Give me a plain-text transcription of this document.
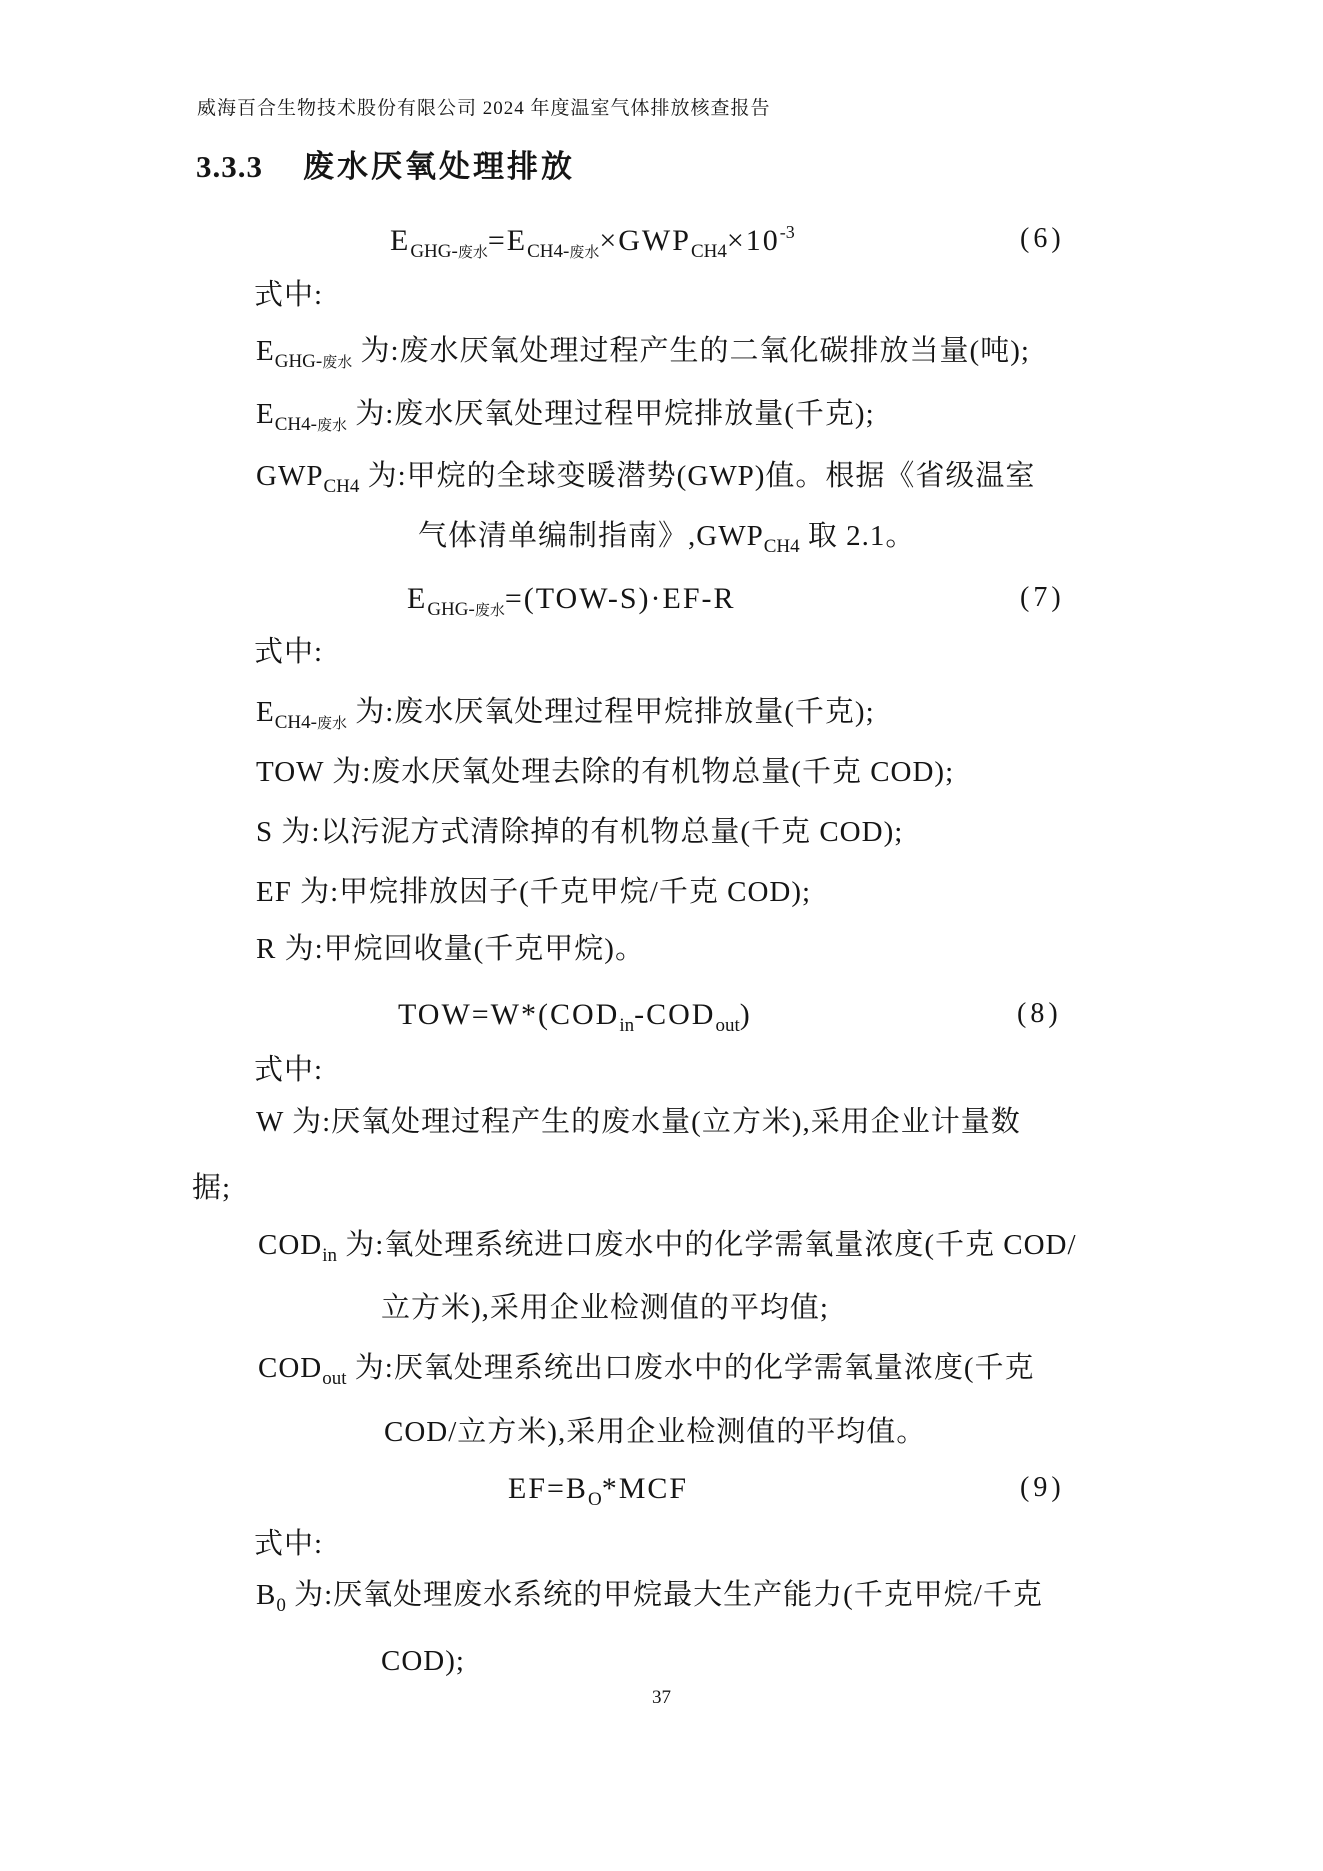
威海百合生物技术股份有限公司 2024 年度温室气体排放核查报告
3.3.3 废水厌氧处理排放
EGHG-废水=ECH4-废水$\times GWPCH4\times 10^{-3}$	(6)
式中:
EGHG-废水 为:废水厌氧处理过程产生的二氧化碳排放当量(吨);
ECH4-废水 为:废水厌氧处理过程甲烷排放量(千克);
GWPCH4 为:甲烷的全球变暖潜势(GWP)值。根据《省级温室
气体清单编制指南》,GWPCH4 取 2.1。
EGHG-废水=(TOW-S)·EF-R	(7)
式中:
ECH4-废水 为:废水厌氧处理过程甲烷排放量(千克);
TOW 为:废水厌氧处理去除的有机物总量(千克 COD);
S 为:以污泥方式清除掉的有机物总量(千克 COD);
EF 为:甲烷排放因子(千克甲烷/千克 COD);
R 为:甲烷回收量(千克甲烷)。
TOW=W*(CODin-CODout)	(8)
式中:
W 为:厌氧处理过程产生的废水量(立方米),采用企业计量数
据;
CODin 为:氧处理系统进口废水中的化学需氧量浓度(千克 COD/
立方米),采用企业检测值的平均值;
CODout 为:厌氧处理系统出口废水中的化学需氧量浓度(千克
COD/立方米),采用企业检测值的平均值。
EF=BO*MCF	(9)
式中:
B0 为:厌氧处理废水系统的甲烷最大生产能力(千克甲烷/千克
COD);
37
